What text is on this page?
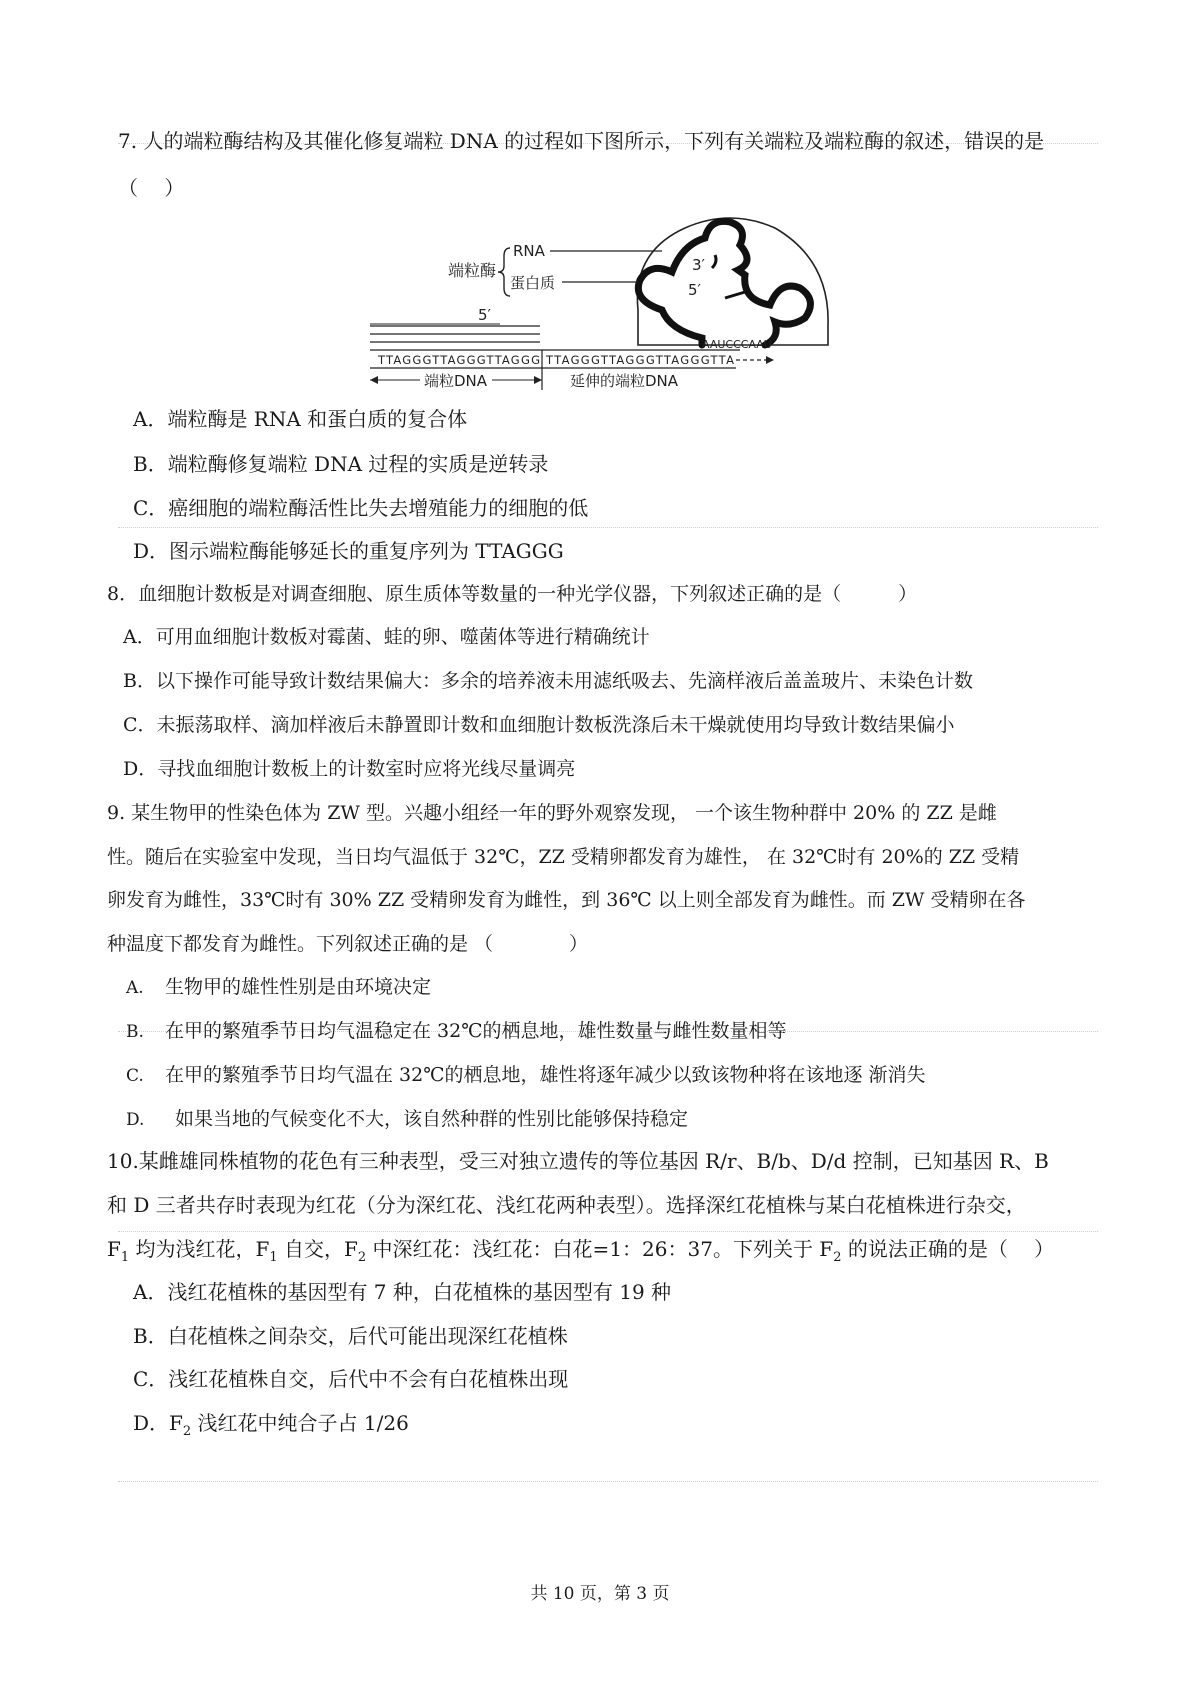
7. 人的端粒酶结构及其催化修复端粒 DNA 的过程如下图所示，下列有关端粒及端粒酶的叙述，错误的是
（　 ）
3′
5′
端粒酶
RNA
蛋白质
5′
AAUCCCAAU
TTAGGGTTAGGGTTAGGG TTAGGGTTAGGGTTAGGGTTA
端粒DNA	延伸的端粒DNA
A．端粒酶是 RNA 和蛋白质的复合体
B．端粒酶修复端粒 DNA 过程的实质是逆转录
C．癌细胞的端粒酶活性比失去增殖能力的细胞的低
D．图示端粒酶能够延长的重复序列为 TTAGGG
8．血细胞计数板是对调查细胞、原生质体等数量的一种光学仪器，下列叙述正确的是（　　　）
A．可用血细胞计数板对霉菌、蛙的卵、噬菌体等进行精确统计
B．以下操作可能导致计数结果偏大：多余的培养液未用滤纸吸去、先滴样液后盖盖玻片、未染色计数
C．未振荡取样、滴加样液后未静置即计数和血细胞计数板洗涤后未干燥就使用均导致计数结果偏小
D．寻找血细胞计数板上的计数室时应将光线尽量调亮
9. 某生物甲的性染色体为 ZW 型。兴趣小组经一年的野外观察发现， 一个该生物种群中 20% 的 ZZ 是雌
性。随后在实验室中发现，当日均气温低于 32℃，ZZ 受精卵都发育为雄性， 在 32℃时有 20%的 ZZ 受精
卵发育为雌性，33℃时有 30% ZZ 受精卵发育为雌性，到 36℃ 以上则全部发育为雌性。而 ZW 受精卵在各
种温度下都发育为雌性。下列叙述正确的是 （　　　　）
A. 生物甲的雄性性别是由环境决定
B. 在甲的繁殖季节日均气温稳定在 32℃的栖息地，雄性数量与雌性数量相等
C. 在甲的繁殖季节日均气温在 32℃的栖息地，雄性将逐年减少以致该物种将在该地逐 渐消失
D. 如果当地的气候变化不大，该自然种群的性别比能够保持稳定
10.某雌雄同株植物的花色有三种表型，受三对独立遗传的等位基因 R/r、B/b、D/d 控制，已知基因 R、B
和 D 三者共存时表现为红花（分为深红花、浅红花两种表型）。选择深红花植株与某白花植株进行杂交，
$F_1$ 均为浅红花，$F_1$ 自交，$F_2$ 中深红花：浅红花：白花=1：26：37。下列关于 $F_2$ 的说法正确的是（　 ）
A．浅红花植株的基因型有 7 种，白花植株的基因型有 19 种
B．白花植株之间杂交，后代可能出现深红花植株
C．浅红花植株自交，后代中不会有白花植株出现
D．$F_2$ 浅红花中纯合子占 1/26
共 10 页，第 3 页
